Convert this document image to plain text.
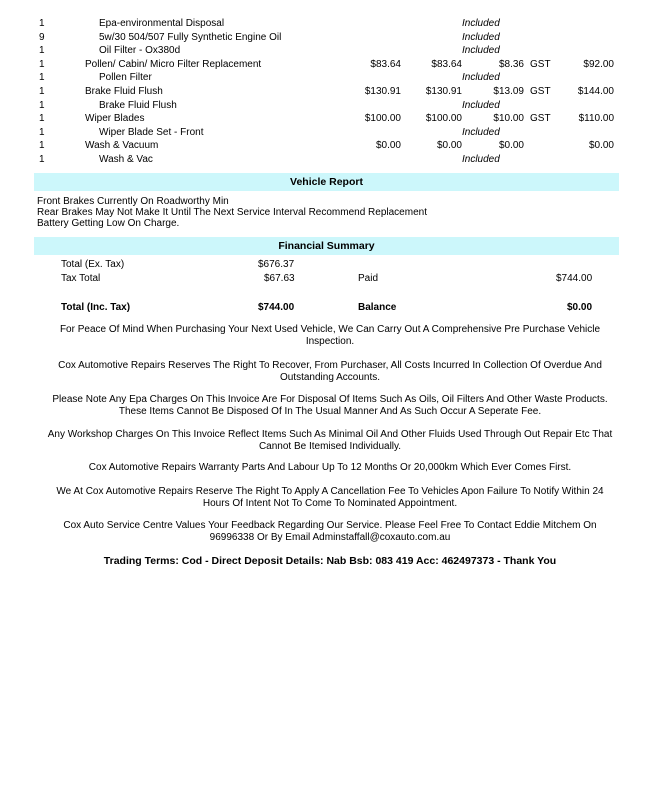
1	Epa-environmental Disposal	Included
9	5w/30 504/507 Fully Synthetic Engine Oil	Included
1	Oil Filter - Ox380d	Included
1	Pollen/ Cabin/ Micro Filter Replacement	$83.64	$83.64	$8.36 GST	$92.00
1	Pollen Filter	Included
1	Brake Fluid Flush	$130.91 $130.91	$13.09 GST	$144.00
1	Brake Fluid Flush	Included
1	Wiper Blades	$100.00 $100.00	$10.00 GST	$110.00
1	Wiper Blade Set - Front	Included
1	Wash & Vacuum	$0.00	$0.00	$0.00	$0.00
1	Wash & Vac	Included
Vehicle Report
Front Brakes Currently On Roadworthy Min
Rear Brakes May Not Make It Until The Next Service Interval Recommend Replacement
Battery Getting Low On Charge.
Financial Summary
Total (Ex. Tax)	$676.37
Tax Total	$67.63	Paid	$744.00
Total (Inc. Tax)	$744.00	Balance	$0.00
For Peace Of Mind When Purchasing Your Next Used Vehicle, We Can Carry Out A Comprehensive Pre Purchase Vehicle
Inspection.
Cox Automotive Repairs Reserves The Right To Recover, From Purchaser, All Costs Incurred In Collection Of Overdue And
Outstanding Accounts.
Please Note Any Epa Charges On This Invoice Are For Disposal Of Items Such As Oils, Oil Filters And Other Waste Products.
These Items Cannot Be Disposed Of In The Usual Manner And As Such Occur A Seperate Fee.
Any Workshop Charges On This Invoice Reflect Items Such As Minimal Oil And Other Fluids Used Through Out Repair Etc That
Cannot Be Itemised Individually.
Cox Automotive Repairs Warranty Parts And Labour Up To 12 Months Or 20,000km Which Ever Comes First.
We At Cox Automotive Repairs Reserve The Right To Apply A Cancellation Fee To Vehicles Apon Failure To Notify Within 24
Hours Of Intent Not To Come To Nominated Appointment.
Cox Auto Service Centre Values Your Feedback Regarding Our Service. Please Feel Free To Contact Eddie Mitchem On
96996338 Or By Email Adminstaffall@coxauto.com.au
Trading Terms: Cod - Direct Deposit Details: Nab Bsb: 083 419 Acc: 462497373 - Thank You
